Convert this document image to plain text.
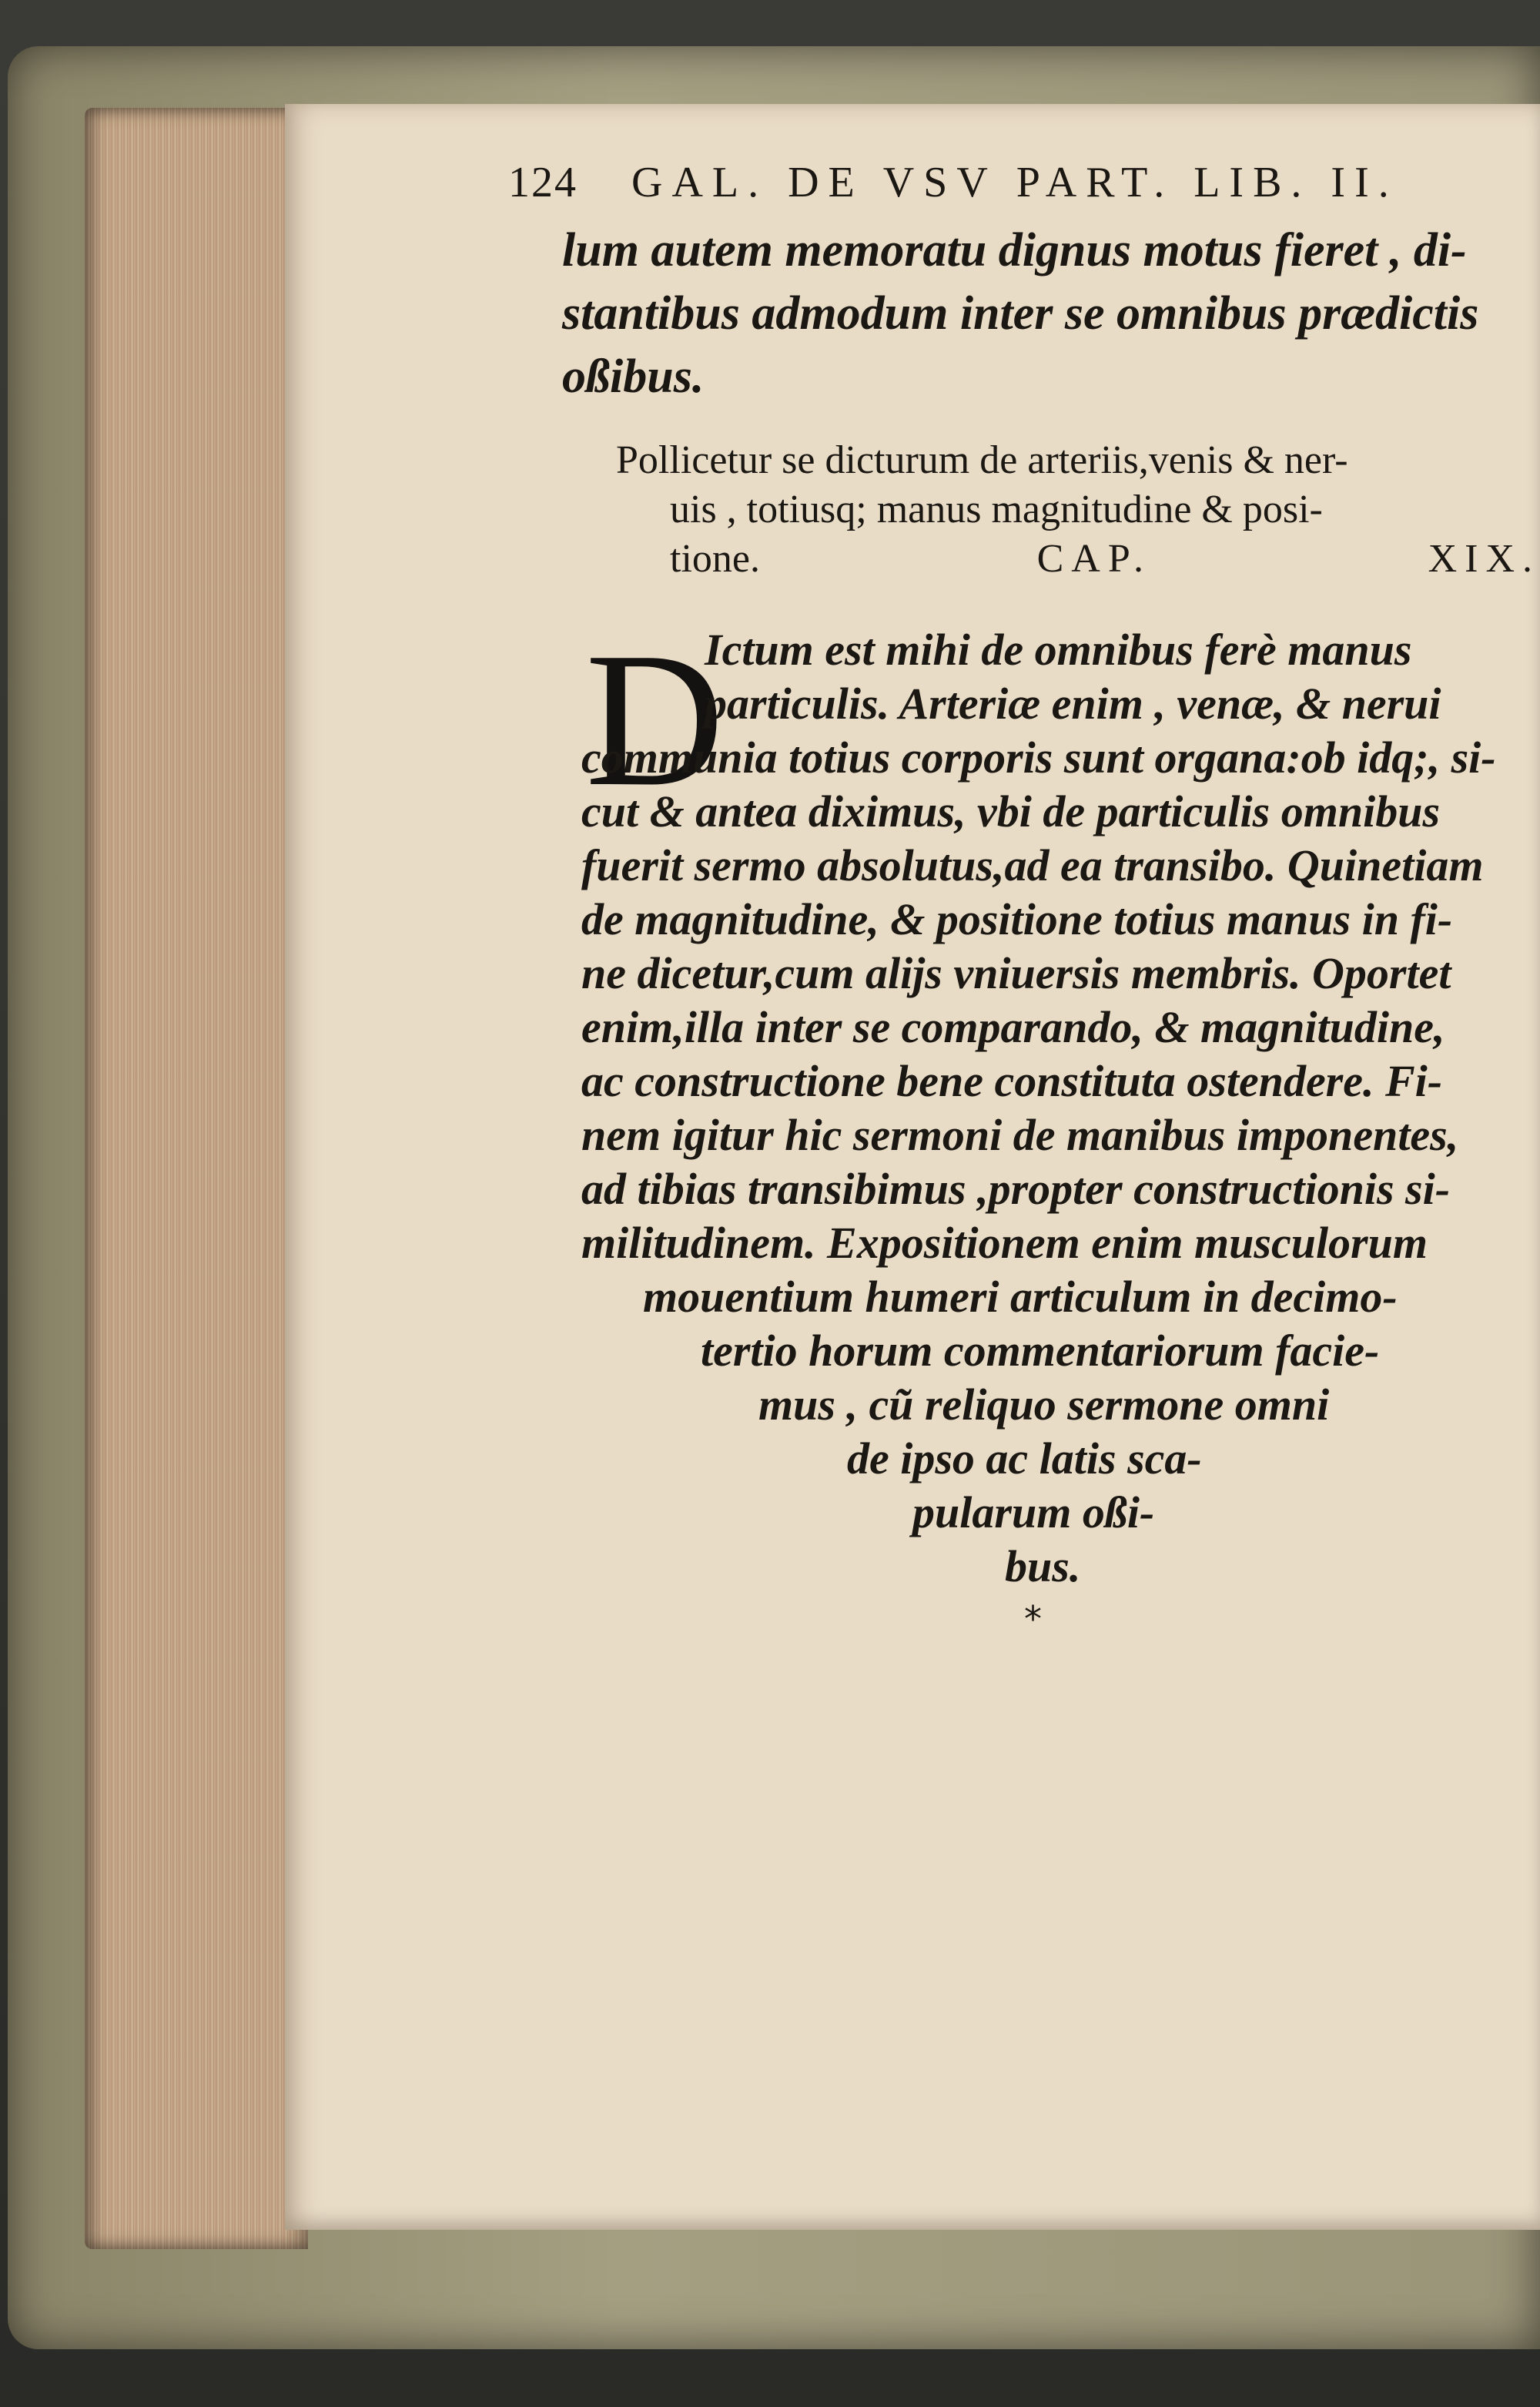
124 GAL. DE VSV PART. LIB. II.
lum autem memoratu dignus motus fieret , di-
stantibus admodum inter se omnibus prædictis
oßibus.
Pollicetur se dicturum de arteriis,venis & ner-
uis , totiusq; manus magnitudine & posi-
tione.	CAP.	XIX.
D
Ictum est mihi de omnibus ferè manus
particulis. Arteriæ enim , venæ, & nerui
communia totius corporis sunt organa:ob idq;, si-
cut & antea diximus, vbi de particulis omnibus
fuerit sermo absolutus,ad ea transibo. Quinetiam
de magnitudine, & positione totius manus in fi-
ne dicetur,cum alijs vniuersis membris. Oportet
enim,illa inter se comparando, & magnitudine,
ac constructione bene constituta ostendere. Fi-
nem igitur hic sermoni de manibus imponentes,
ad tibias transibimus ,propter constructionis si-
militudinem. Expositionem enim musculorum
mouentium humeri articulum in decimo-
tertio horum commentariorum facie-
mus , cũ reliquo sermone omni
de ipso ac latis sca-
pularum oßi-
bus.
*
